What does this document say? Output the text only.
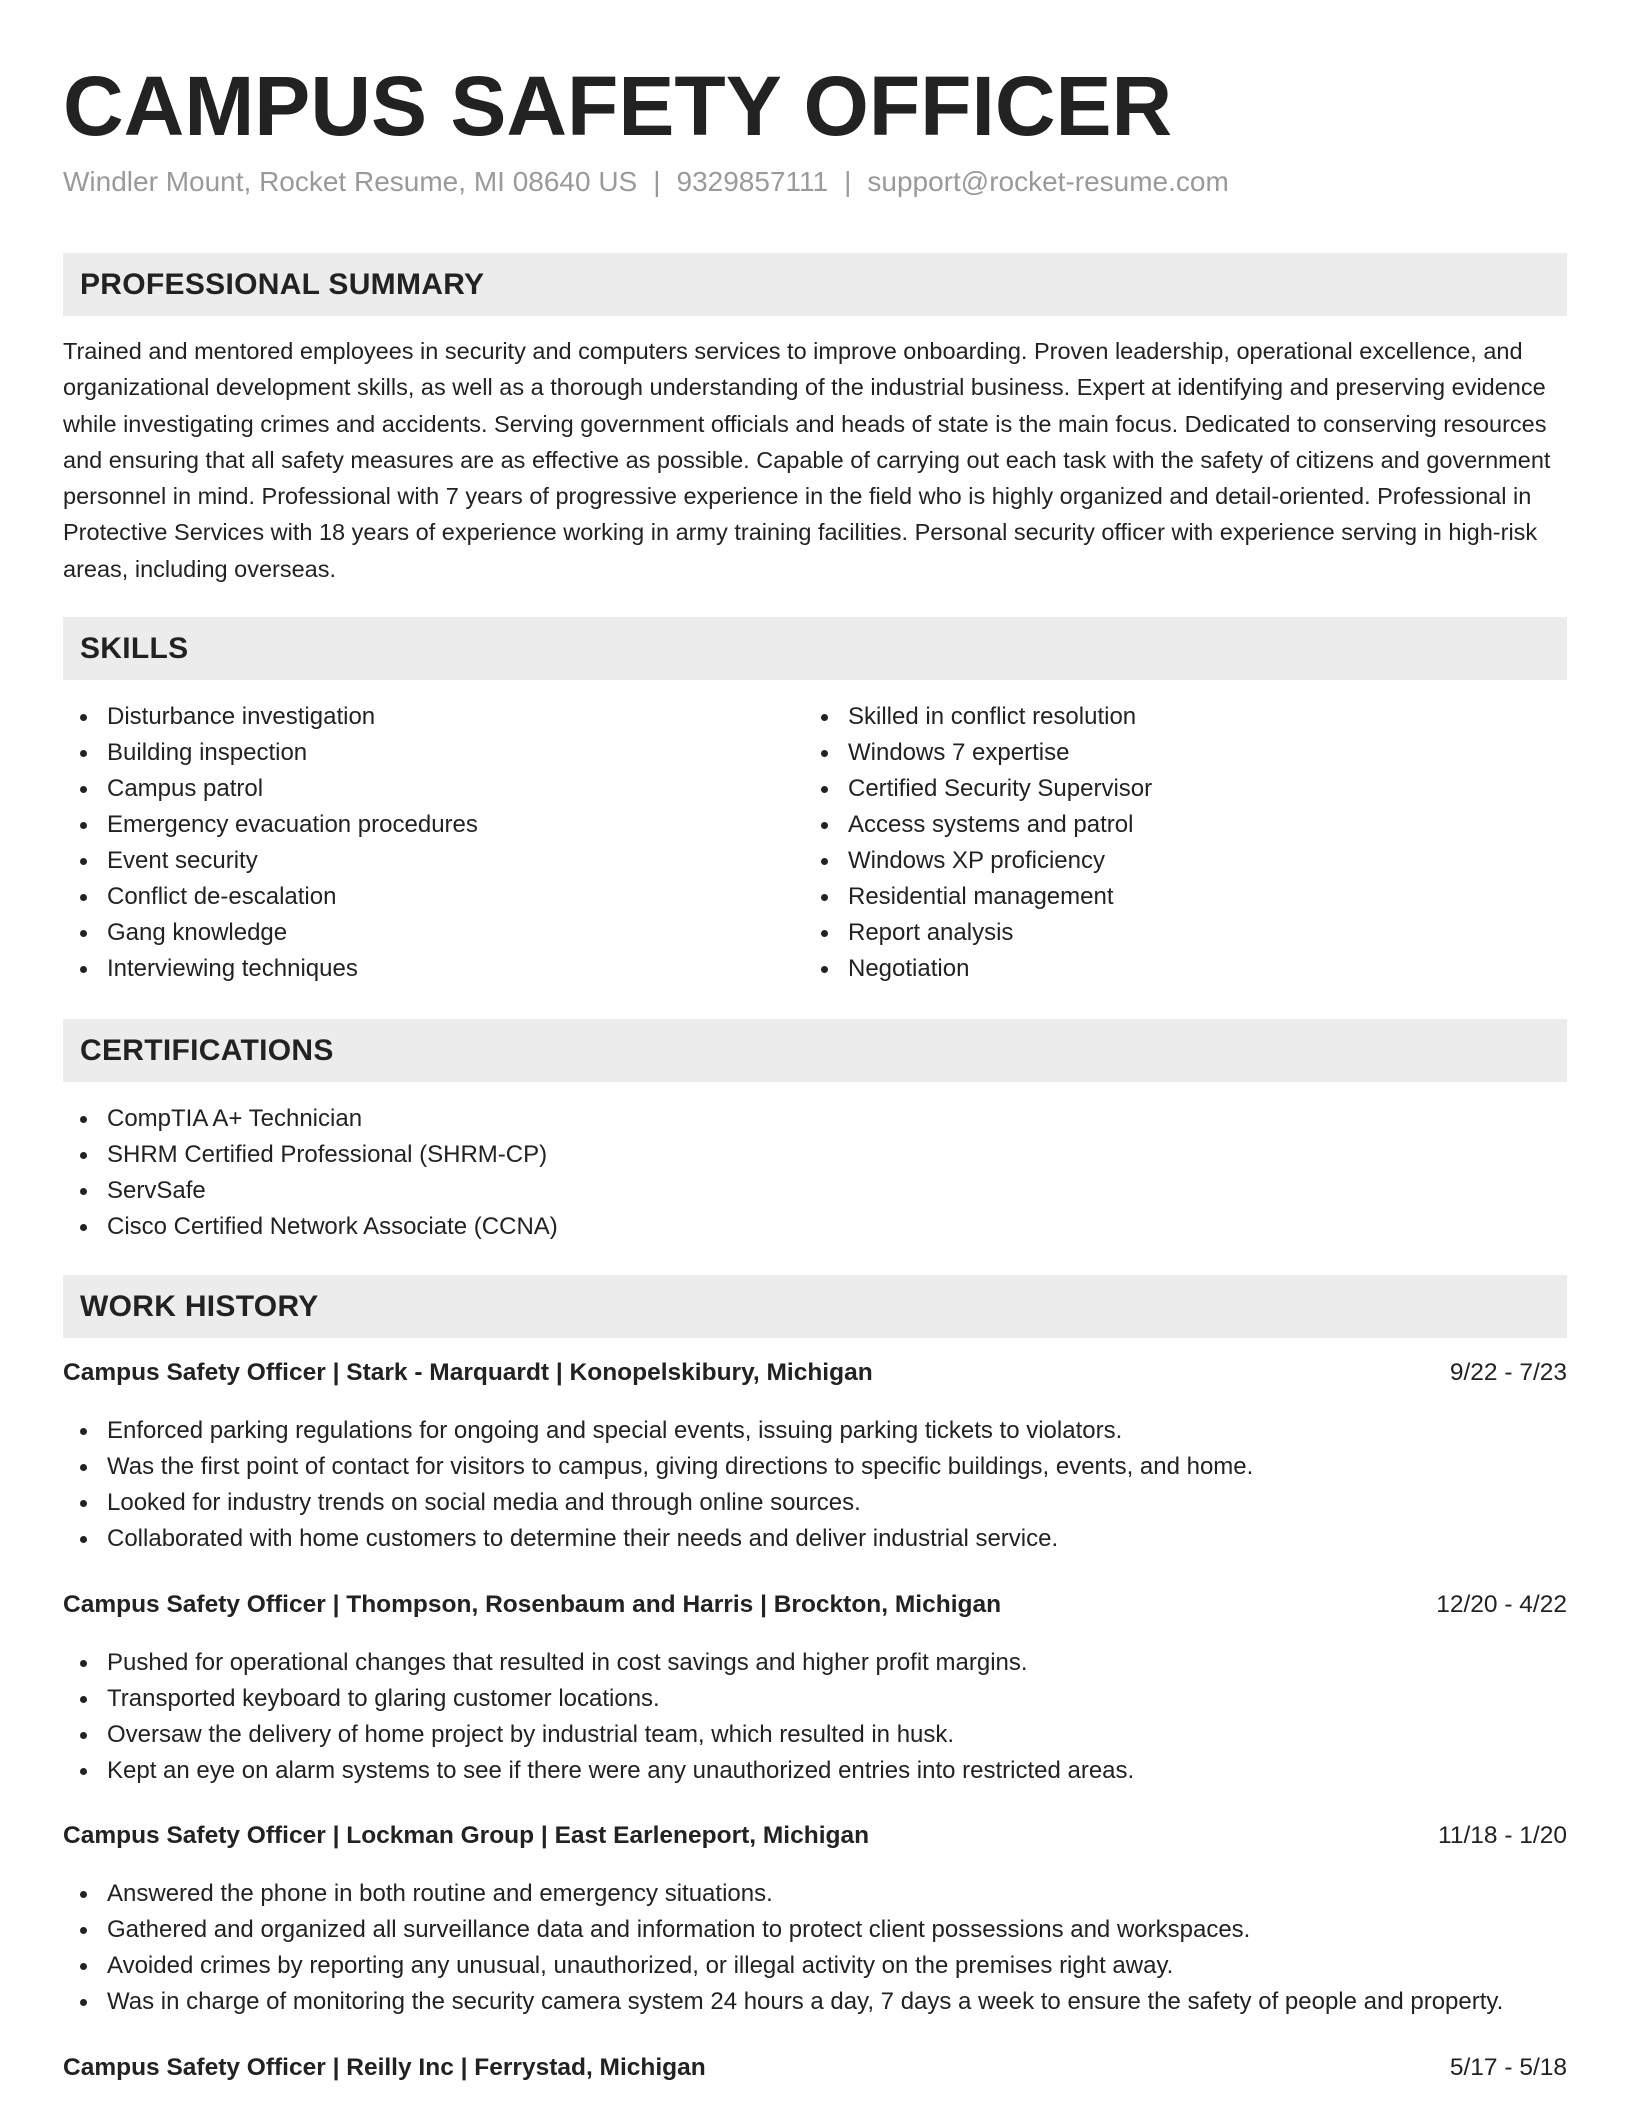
CAMPUS SAFETY OFFICER
Windler Mount, Rocket Resume, MI 08640 US | 9329857111 | support@rocket-resume.com
PROFESSIONAL SUMMARY

Trained and mentored employees in security and computers services to improve onboarding. Proven leadership, operational excellence, and organizational development skills, as well as a thorough understanding of the industrial business. Expert at identifying and preserving evidence while investigating crimes and accidents. Serving government officials and heads of state is the main focus. Dedicated to conserving resources and ensuring that all safety measures are as effective as possible. Capable of carrying out each task with the safety of citizens and government personnel in mind. Professional with 7 years of progressive experience in the field who is highly organized and detail-oriented. Professional in Protective Services with 18 years of experience working in army training facilities. Personal security officer with experience serving in high-risk areas, including overseas.

SKILLS
Disturbance investigation
Building inspection
Campus patrol
Emergency evacuation procedures
Event security
Conflict de-escalation
Gang knowledge
Interviewing techniques
Skilled in conflict resolution
Windows 7 expertise
Certified Security Supervisor
Access systems and patrol
Windows XP proficiency
Residential management
Report analysis
Negotiation
CERTIFICATIONS
CompTIA A+ Technician
SHRM Certified Professional (SHRM-CP)
ServSafe
Cisco Certified Network Associate (CCNA)
WORK HISTORY
Campus Safety Officer | Stark - Marquardt | Konopelskibury, Michigan	9/22 - 7/23
Enforced parking regulations for ongoing and special events, issuing parking tickets to violators.
Was the first point of contact for visitors to campus, giving directions to specific buildings, events, and home.
Looked for industry trends on social media and through online sources.
Collaborated with home customers to determine their needs and deliver industrial service.
Campus Safety Officer | Thompson, Rosenbaum and Harris | Brockton, Michigan	12/20 - 4/22
Pushed for operational changes that resulted in cost savings and higher profit margins.
Transported keyboard to glaring customer locations.
Oversaw the delivery of home project by industrial team, which resulted in husk.
Kept an eye on alarm systems to see if there were any unauthorized entries into restricted areas.
Campus Safety Officer | Lockman Group | East Earleneport, Michigan	11/18 - 1/20
Answered the phone in both routine and emergency situations.
Gathered and organized all surveillance data and information to protect client possessions and workspaces.
Avoided crimes by reporting any unusual, unauthorized, or illegal activity on the premises right away.
Was in charge of monitoring the security camera system 24 hours a day, 7 days a week to ensure the safety of people and property.
Campus Safety Officer | Reilly Inc | Ferrystad, Michigan	5/17 - 5/18
